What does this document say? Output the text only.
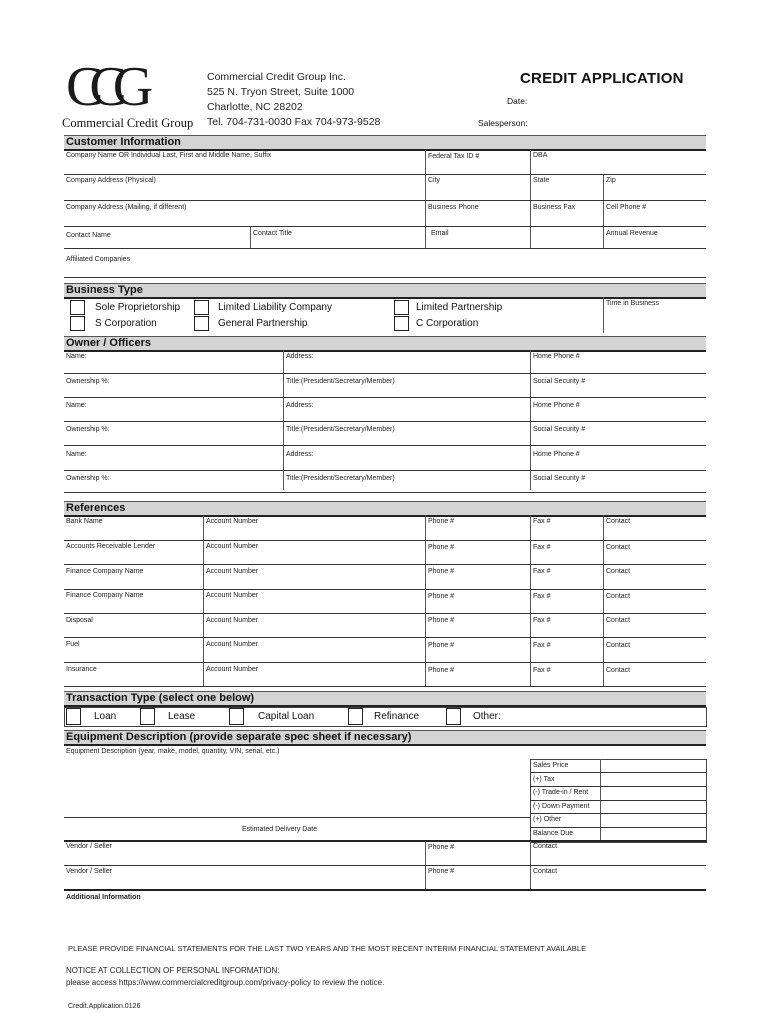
CCG
Commercial Credit Group
Commercial Credit Group Inc.
525 N. Tryon Street, Suite 1000
Charlotte, NC 28202
Tel. 704-731-0030 Fax 704-973-9528
CREDIT APPLICATION
Date:
Salesperson:
Customer Information
Company Name OR Individual Last, First and Middle Name, Suffix	Federal Tax ID #	DBA
Company Address (Physical)	City	State	Zip
Company Address (Mailing, if different)	Business Phone	Business Fax	Cell Phone #
Contact Name	Contact Title	Email	Annual Revenue
Affiliated Companies
Business Type
Sole Proprietorship
S Corporation
Limited Liability Company
General Partnership
Limited Partnership
C Corporation
Time in Business
Owner / Officers
Name:	Address:	Home Phone #
Ownership %:	Title:(President/Secretary/Member)	Social Security #
Name:	Address:	Home Phone #
Ownership %:	Title:(President/Secretary/Member)	Social Security #
Name:	Address:	Home Phone #
Ownership %:	Title:(President/Secretary/Member)	Social Security #
References
Bank Name	Account Number	Phone #	Fax #	Contact
Accounts Receivable Lender	Account Number	Phone #	Fax #	Contact
Finance Company Name	Account Number	Phone #	Fax #	Contact
Finance Company Name	Account Number	Phone #	Fax #	Contact
Disposal	Account Number	Phone #	Fax #	Contact
Fuel	Account Number	Phone #	Fax #	Contact
Insurance	Account Number	Phone #	Fax #	Contact
Transaction Type (select one below)
Loan	Lease	Capital Loan	Refinance	Other:
Equipment Description (provide separate spec sheet if necessary)
Equipment Description (year, make, model, quantity, VIN, serial, etc.)
Sales Price
(+) Tax
(-) Trade-in / Rent
(-) Down Payment
(+) Other
Balance Due
Estimated Delivery Date
Vendor / Seller	Phone #	Contact
Vendor / Seller	Phone #	Contact
Additional Information
PLEASE PROVIDE FINANCIAL STATEMENTS FOR THE LAST TWO YEARS AND THE MOST RECENT INTERIM FINANCIAL STATEMENT AVAILABLE
NOTICE AT COLLECTION OF PERSONAL INFORMATION:
please access https://www.commercialcreditgroup.com/privacy-policy to review the notice.
Credit.Application.0126
